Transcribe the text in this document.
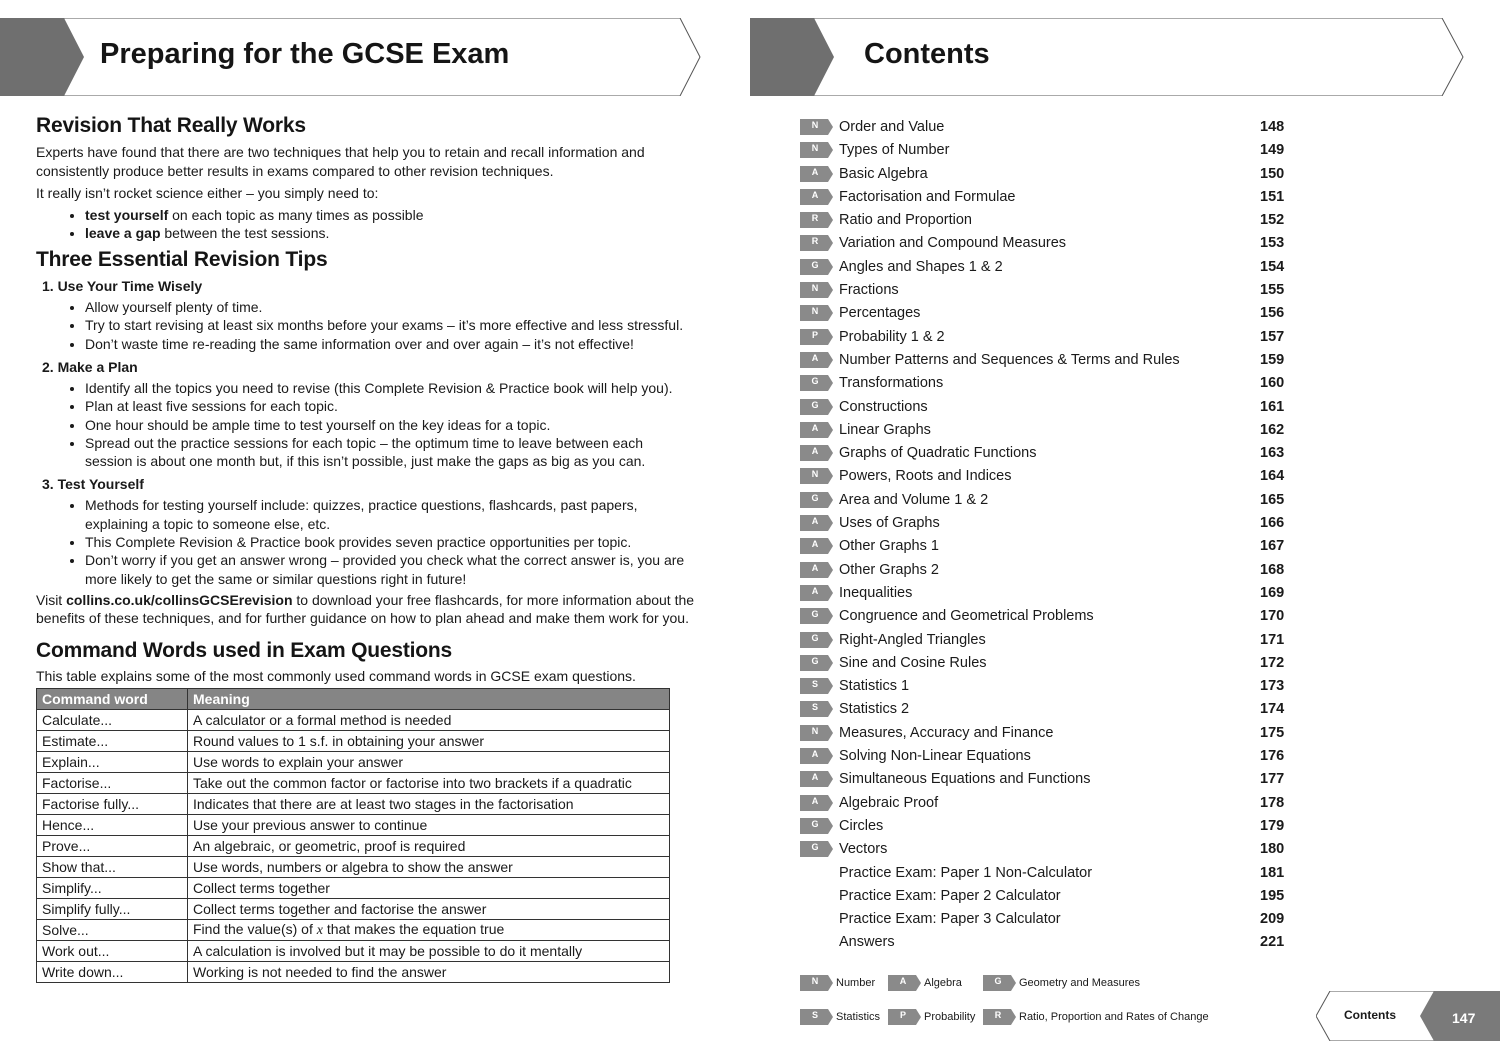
Preparing for the GCSE Exam	Contents
Revision That Really Works

Experts have found that there are two techniques that help you to retain and recall information and consistently produce better results in exams compared to other revision techniques.

It really isn’t rocket science either – you simply need to:

• test yourself on each topic as many times as possible
• leave a gap between the test sessions.
Three Essential Revision Tips
1. Use Your Time Wisely
• Allow yourself plenty of time.
• Try to start revising at least six months before your exams – it’s more effective and less stressful.
• Don’t waste time re-reading the same information over and over again – it’s not effective!
2. Make a Plan
• Identify all the topics you need to revise (this Complete Revision & Practice book will help you).
• Plan at least five sessions for each topic.
• One hour should be ample time to test yourself on the key ideas for a topic.
• Spread out the practice sessions for each topic – the optimum time to leave between each session is about one month but, if this isn’t possible, just make the gaps as big as you can.
3. Test Yourself
• Methods for testing yourself include: quizzes, practice questions, flashcards, past papers, explaining a topic to someone else, etc.
• This Complete Revision & Practice book provides seven practice opportunities per topic.
• Don’t worry if you get an answer wrong – provided you check what the correct answer is, you are more likely to get the same or similar questions right in future!

Visit collins.co.uk/collinsGCSErevision to download your free flashcards, for more information about the benefits of these techniques, and for further guidance on how to plan ahead and make them work for you.

Command Words used in Exam Questions

This table explains some of the most commonly used command words in GCSE exam questions.

Command word	Meaning
Calculate...	A calculator or a formal method is needed
Estimate...	Round values to 1 s.f. in obtaining your answer
Explain...	Use words to explain your answer
Factorise...	Take out the common factor or factorise into two brackets if a quadratic
Factorise fully...	Indicates that there are at least two stages in the factorisation
Hence...	Use your previous answer to continue
Prove...	An algebraic, or geometric, proof is required
Show that...	Use words, numbers or algebra to show the answer
Simplify...	Collect terms together
Simplify fully...	Collect terms together and factorise the answer
Solve...	Find the value(s) of x that makes the equation true
Work out...	A calculation is involved but it may be possible to do it mentally
Write down...	Working is not needed to find the answer
N	Order and Value	148
N	Types of Number	149
A	Basic Algebra	150
A	Factorisation and Formulae	151
R	Ratio and Proportion	152
R	Variation and Compound Measures	153
G	Angles and Shapes 1 & 2	154
N	Fractions	155
N	Percentages	156
P	Probability 1 & 2	157
A	Number Patterns and Sequences & Terms and Rules	159
G	Transformations	160
G	Constructions	161
A	Linear Graphs	162
A	Graphs of Quadratic Functions	163
N	Powers, Roots and Indices	164
G	Area and Volume 1 & 2	165
A	Uses of Graphs	166
A	Other Graphs 1	167
A	Other Graphs 2	168
A	Inequalities	169
G	Congruence and Geometrical Problems	170
G	Right-Angled Triangles	171
G	Sine and Cosine Rules	172
S	Statistics 1	173
S	Statistics 2	174
N	Measures, Accuracy and Finance	175
A	Solving Non-Linear Equations	176
A	Simultaneous Equations and Functions	177
A	Algebraic Proof	178
G	Circles	179
G	Vectors	180
Practice Exam: Paper 1 Non-Calculator	181
Practice Exam: Paper 2 Calculator	195
Practice Exam: Paper 3 Calculator	209
Answers	221
N	Number	A	Algebra	G	Geometry and Measures
S	Statistics	P	Probability	R	Ratio, Proportion and Rates of Change	Contents	147
